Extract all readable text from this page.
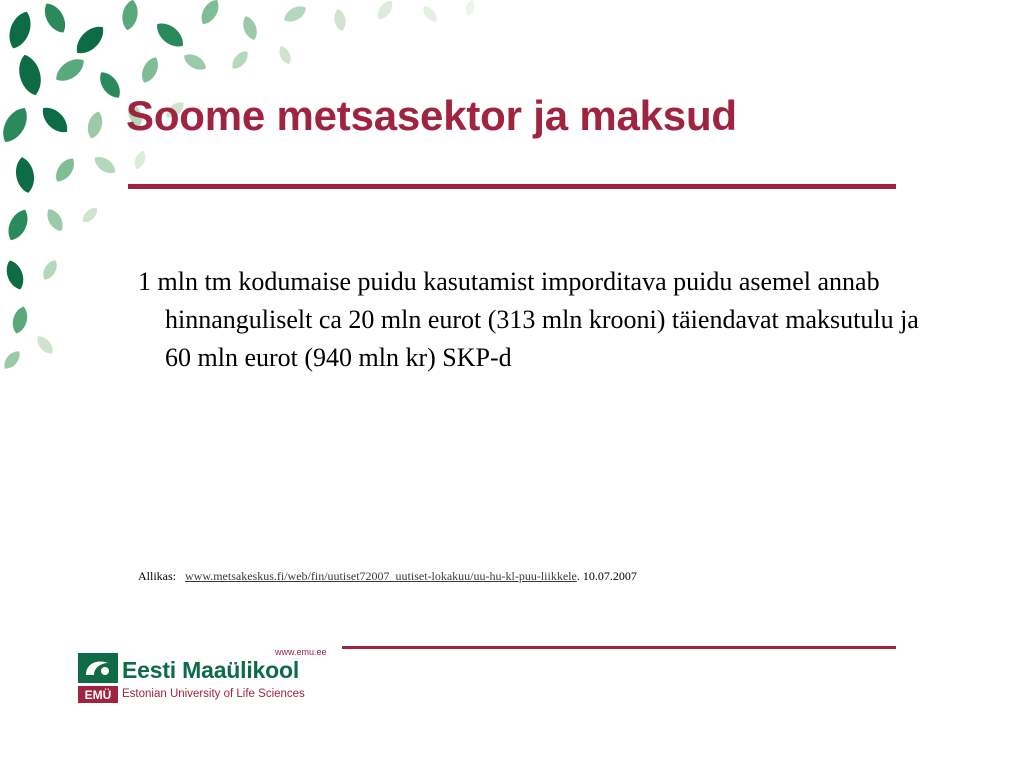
Soome metsasektor ja maksud

1 mln tm kodumaise puidu kasutamist imporditava puidu asemel annab hinnanguliselt ca 20 mln eurot (313 mln krooni) täiendavat maksutulu ja 60 mln eurot (940 mln kr) SKP-d

Allikas: www.metsakeskus.fi/web/fin/uutiset72007_uutiset-lokakuu/uu-hu-kl-puu-liikkele. 10.07.2007
www.emu.ee
EMÜ
Eesti Maaülikool
Estonian University of Life Sciences
